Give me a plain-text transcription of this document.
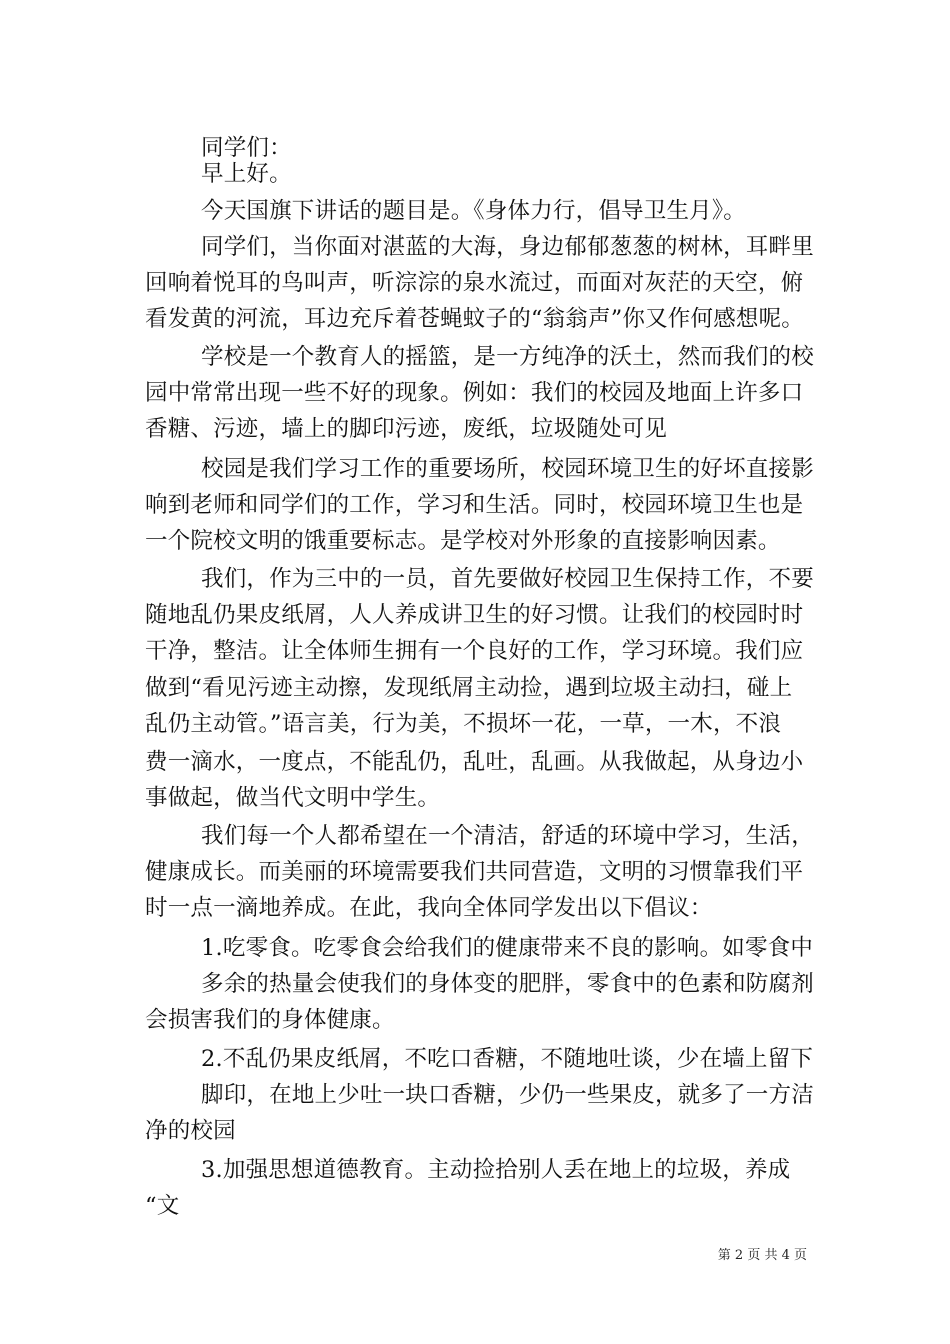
同学们：
早上好。
今天国旗下讲话的题目是。《身体力行，倡导卫生月》。
同学们，当你面对湛蓝的大海，身边郁郁葱葱的树林，耳畔里
回响着悦耳的鸟叫声，听淙淙的泉水流过，而面对灰茫的天空，俯
看发黄的河流，耳边充斥着苍蝇蚊子的“翁翁声”你又作何感想呢。
学校是一个教育人的摇篮，是一方纯净的沃土，然而我们的校
园中常常出现一些不好的现象。例如：我们的校园及地面上许多口
香糖、污迹，墙上的脚印污迹，废纸，垃圾随处可见
校园是我们学习工作的重要场所，校园环境卫生的好坏直接影
响到老师和同学们的工作，学习和生活。同时，校园环境卫生也是
一个院校文明的饿重要标志。是学校对外形象的直接影响因素。
我们，作为三中的一员，首先要做好校园卫生保持工作，不要
随地乱仍果皮纸屑，人人养成讲卫生的好习惯。让我们的校园时时
干净，整洁。让全体师生拥有一个良好的工作，学习环境。我们应
做到“看见污迹主动擦，发现纸屑主动捡，遇到垃圾主动扫，碰上
乱仍主动管。”语言美，行为美，不损坏一花，一草，一木，不浪
费一滴水，一度点，不能乱仍，乱吐，乱画。从我做起，从身边小
事做起，做当代文明中学生。
我们每一个人都希望在一个清洁，舒适的环境中学习，生活，
健康成长。而美丽的环境需要我们共同营造，文明的习惯靠我们平
时一点一滴地养成。在此，我向全体同学发出以下倡议：
1.吃零食。吃零食会给我们的健康带来不良的影响。如零食中
多余的热量会使我们的身体变的肥胖，零食中的色素和防腐剂
会损害我们的身体健康。
2.不乱仍果皮纸屑，不吃口香糖，不随地吐谈，少在墙上留下
脚印，在地上少吐一块口香糖，少仍一些果皮，就多了一方洁
净的校园
3.加强思想道德教育。主动捡拾别人丢在地上的垃圾，养成
“文
第 2 页 共 4 页
